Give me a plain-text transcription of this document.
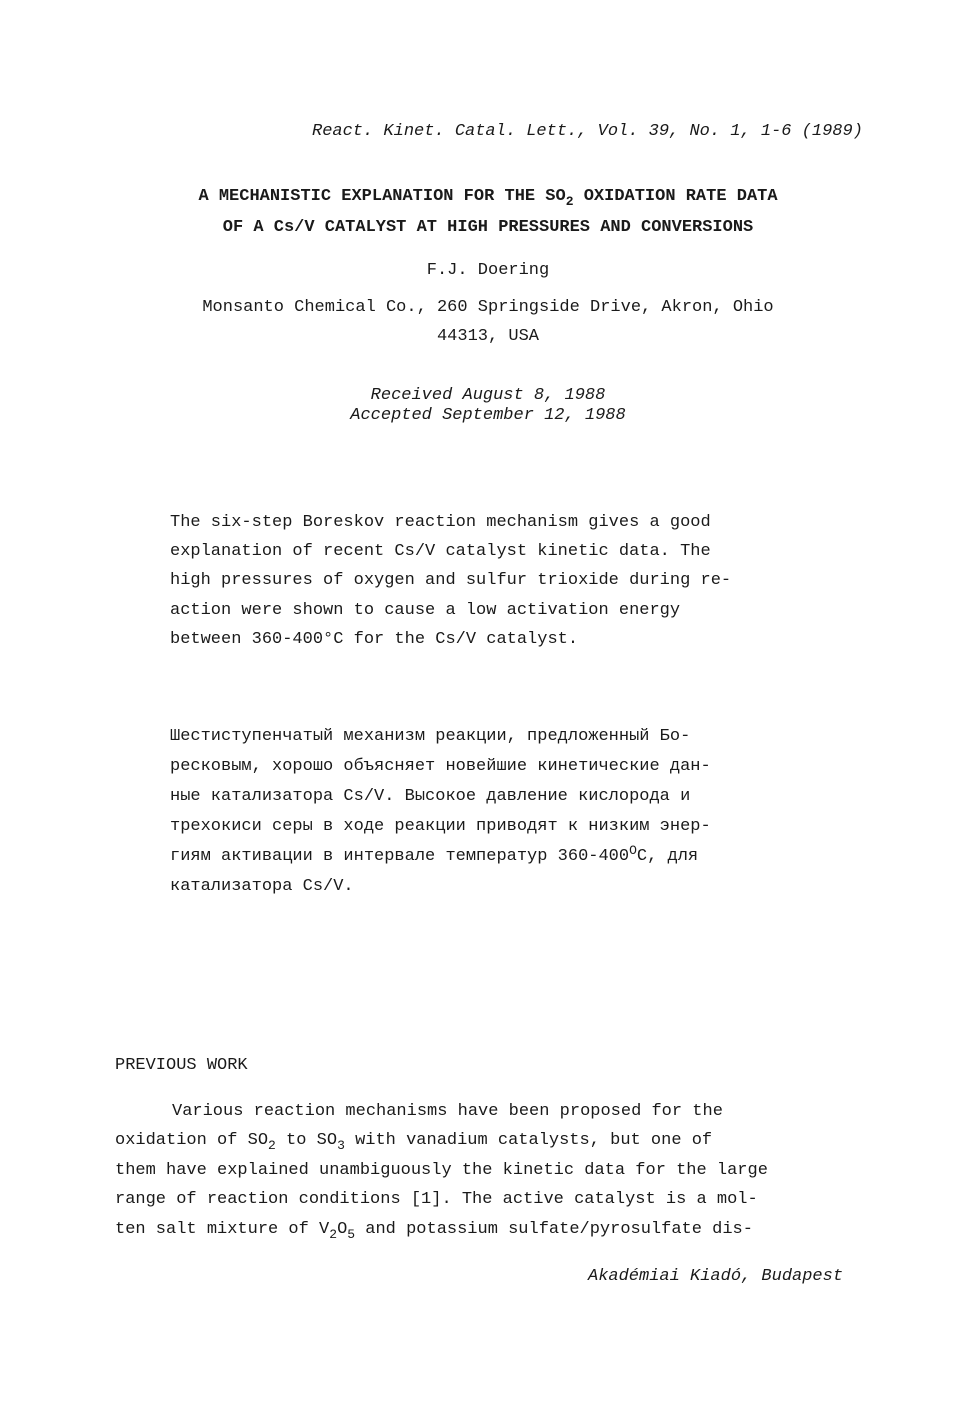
React. Kinet. Catal. Lett., Vol. 39, No. 1, 1-6 (1989)

A MECHANISTIC EXPLANATION FOR THE $SO_2$ OXIDATION RATE DATA

OF A Cs/V CATALYST AT HIGH PRESSURES AND CONVERSIONS

F.J. Doering

Monsanto Chemical Co., 260 Springside Drive, Akron, Ohio

44313, USA

Received August 8, 1988

Accepted September 12, 1988

The six-step Boreskov reaction mechanism gives a good
explanation of recent Cs/V catalyst kinetic data. The
high pressures of oxygen and sulfur trioxide during re-
action were shown to cause a low activation energy
between 360-400°C for the Cs/V catalyst.
Шестиступенчатый механизм реакции, предложенный Бо-
ресковым, хорошо объясняет новейшие кинетические дан-
ные катализатора Cs/V. Высокое давление кислорода и
трехокиси серы в ходе реакции приводят к низким энер-
гиям активации в интервале температур $360-400^OC$, для
катализатора Cs/V.

PREVIOUS WORK

Various reaction mechanisms have been proposed for the
oxidation of $SO_2$ to $SO_3$ with vanadium catalysts, but one of
them have explained unambiguously the kinetic data for the large
range of reaction conditions [1]. The active catalyst is a mol-
ten salt mixture of $V_2O_5$ and potassium sulfate/pyrosulfate dis-

Akadémiai Kiadó, Budapest
